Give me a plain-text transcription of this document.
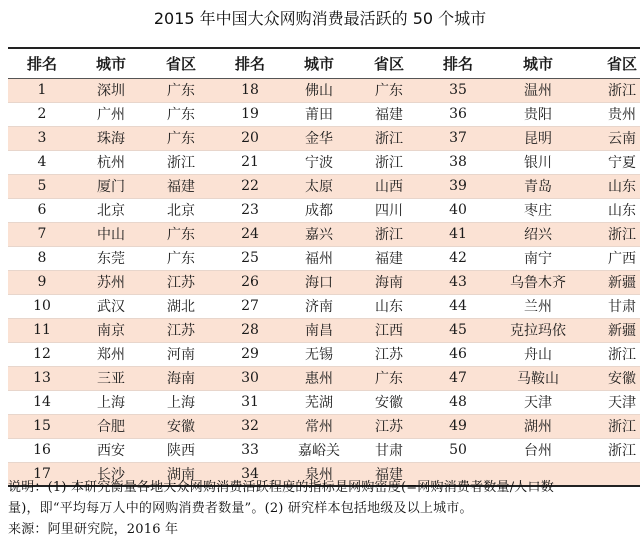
2015 年中国大众网购消费最活跃的 50 个城市
排名	城市	省区	排名	城市	省区	排名	城市	省区
1	深圳	广东	18	佛山	广东	35	温州	浙江
2	广州	广东	19	莆田	福建	36	贵阳	贵州
3	珠海	广东	20	金华	浙江	37	昆明	云南
4	杭州	浙江	21	宁波	浙江	38	银川	宁夏
5	厦门	福建	22	太原	山西	39	青岛	山东
6	北京	北京	23	成都	四川	40	枣庄	山东
7	中山	广东	24	嘉兴	浙江	41	绍兴	浙江
8	东莞	广东	25	福州	福建	42	南宁	广西
9	苏州	江苏	26	海口	海南	43	乌鲁木齐	新疆
10	武汉	湖北	27	济南	山东	44	兰州	甘肃
11	南京	江苏	28	南昌	江西	45	克拉玛依	新疆
12	郑州	河南	29	无锡	江苏	46	舟山	浙江
13	三亚	海南	30	惠州	广东	47	马鞍山	安徽
14	上海	上海	31	芜湖	安徽	48	天津	天津
15	合肥	安徽	32	常州	江苏	49	湖州	浙江
16	西安	陕西	33	嘉峪关	甘肃	50	台州	浙江
17	长沙	湖南	34	泉州	福建			
说明：(1) 本研究衡量各地大众网购消费活跃程度的指标是网购密度(=网购消费者数量/人口数
量)，即“平均每万人中的网购消费者数量”。(2) 研究样本包括地级及以上城市。
来源：阿里研究院，2016 年
